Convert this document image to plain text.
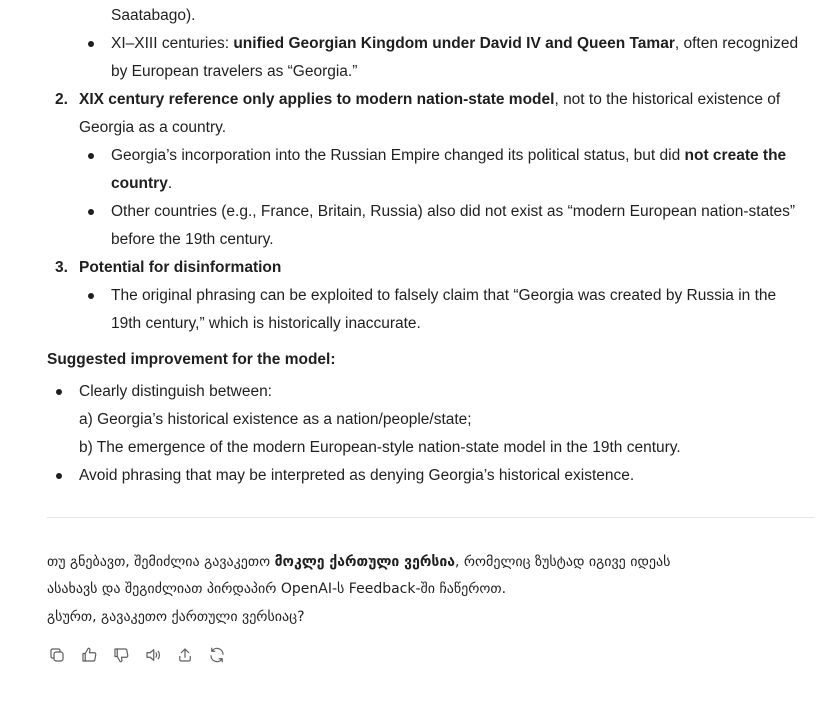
Saatabago).
XI–XIII centuries: unified Georgian Kingdom under David IV and Queen Tamar, often recognized
by European travelers as “Georgia.”
2. XIX century reference only applies to modern nation-state model, not to the historical existence of
Georgia as a country.
Georgia’s incorporation into the Russian Empire changed its political status, but did not create the
country.
Other countries (e.g., France, Britain, Russia) also did not exist as “modern European nation-states”
before the 19th century.
3. Potential for disinformation
The original phrasing can be exploited to falsely claim that “Georgia was created by Russia in the
19th century,” which is historically inaccurate.
Suggested improvement for the model:
Clearly distinguish between:
a) Georgia’s historical existence as a nation/people/state;
b) The emergence of the modern European-style nation-state model in the 19th century.
Avoid phrasing that may be interpreted as denying Georgia’s historical existence.
თუ გნებავთ, შემიძლია გავაკეთო მოკლე ქართული ვერსია, რომელიც ზუსტად იგივე იდეას
ასახავს და შეგიძლიათ პირდაპირ OpenAI-ს Feedback-ში ჩაწეროთ.
გსურთ, გავაკეთო ქართული ვერსიაც?
